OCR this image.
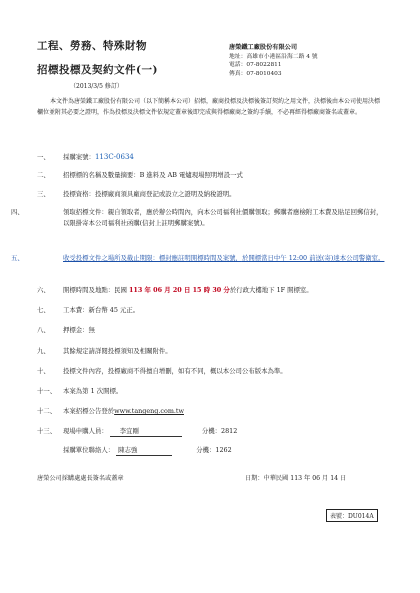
工程、勞務、特殊財物
招標投標及契約文件(一)
（2013/3/5 修訂）
唐榮鐵工廠股份有限公司
地址：高雄市小港區沿海二路 4 號
電話：07-8022811
傳真：07-8010403
本文件為唐榮鐵工廠股份有限公司（以下簡稱本公司）招標，廠商投標及決標後簽訂契約之用文件，決標後由本公司使用決標欄位並附其必要之證明，作為投標及決標文件依規定蓋章後即完成與得標廠商之簽約手續，不必再經得標廠商簽名或蓋章。
一、 採購案號：113C-0634
二、 招標標的名稱及數量摘要：B 進料及 AB 電爐現場照明增設一式
三、 投標資格：投標廠商須具廠商登記或設立之證明及納稅證明。
四、	領取招標文件：親自領取者，應於辦公時間內，向本公司福利社價購領取；郵購者應檢附工本費及貼足回郵信封，以限掛寄本公司福利社函購(信封上註明郵購案號)。
五、	收受投標文件之場所及截止期限：標封應註明開標時間及案號，於開標當日中午 12:00 前送(寄)達本公司警衛室。
六、 開標時間及地點：民國 113 年 06 月 20 日 15 時 30 分於行政大樓地下 1F 開標室。
七、 工本費：新台幣 45 元正。
八、 押標金：無
九、 其餘規定請詳閱投標須知及相關附件。
十、 投標文件內容，投標廠商不得擅自增刪，如有不同，概以本公司公布版本為準。
十一、 本案為第 1 次開標。
十二、 本案招標公告登於www.tangeng.com.tw
十三、 現場申購人員： 李宜剛	分機：2812
採購單位聯絡人： 陳志強	分機：1262
唐榮公司採購處處長簽名或蓋章	日期：中華民國 113 年 06 月 14 日
表號：DU014A
